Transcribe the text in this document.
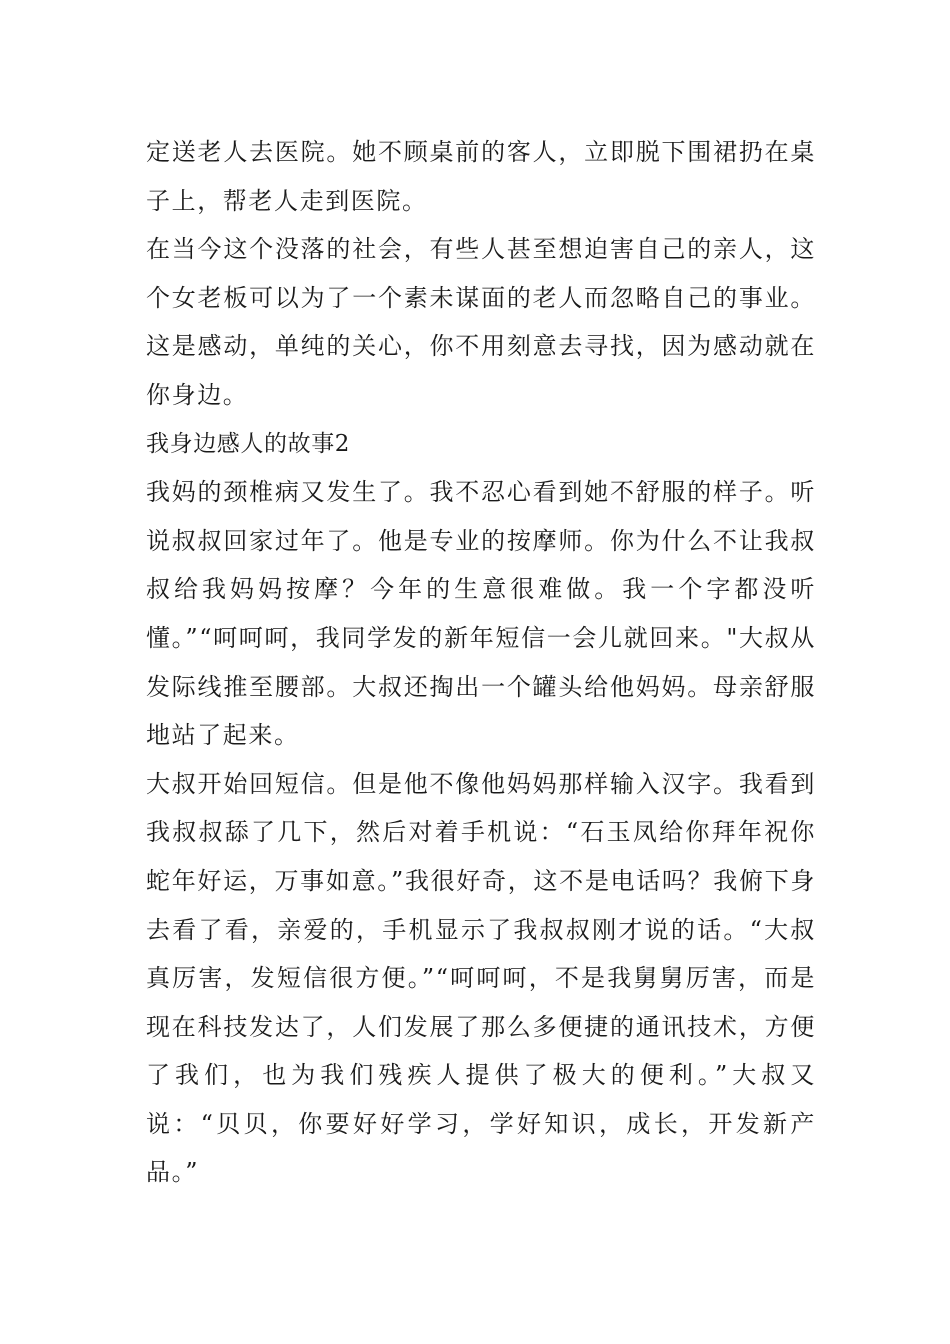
定送老人去医院。她不顾桌前的客人，立即脱下围裙扔在桌子上，帮老人走到医院。

在当今这个没落的社会，有些人甚至想迫害自己的亲人，这个女老板可以为了一个素未谋面的老人而忽略自己的事业。这是感动，单纯的关心，你不用刻意去寻找，因为感动就在你身边。

我身边感人的故事2

我妈的颈椎病又发生了。我不忍心看到她不舒服的样子。听说叔叔回家过年了。他是专业的按摩师。你为什么不让我叔叔给我妈妈按摩？今年的生意很难做。我一个字都没听懂。”“呵呵呵，我同学发的新年短信一会儿就回来。"大叔从发际线推至腰部。大叔还掏出一个罐头给他妈妈。母亲舒服地站了起来。

大叔开始回短信。但是他不像他妈妈那样输入汉字。我看到我叔叔舔了几下，然后对着手机说：“石玉凤给你拜年祝你蛇年好运，万事如意。”我很好奇，这不是电话吗？我俯下身去看了看，亲爱的，手机显示了我叔叔刚才说的话。“大叔真厉害，发短信很方便。”“呵呵呵，不是我舅舅厉害，而是现在科技发达了，人们发展了那么多便捷的通讯技术，方便了我们，也为我们残疾人提供了极大的便利。”大叔又说：“贝贝，你要好好学习，学好知识，成长，开发新产品。”
